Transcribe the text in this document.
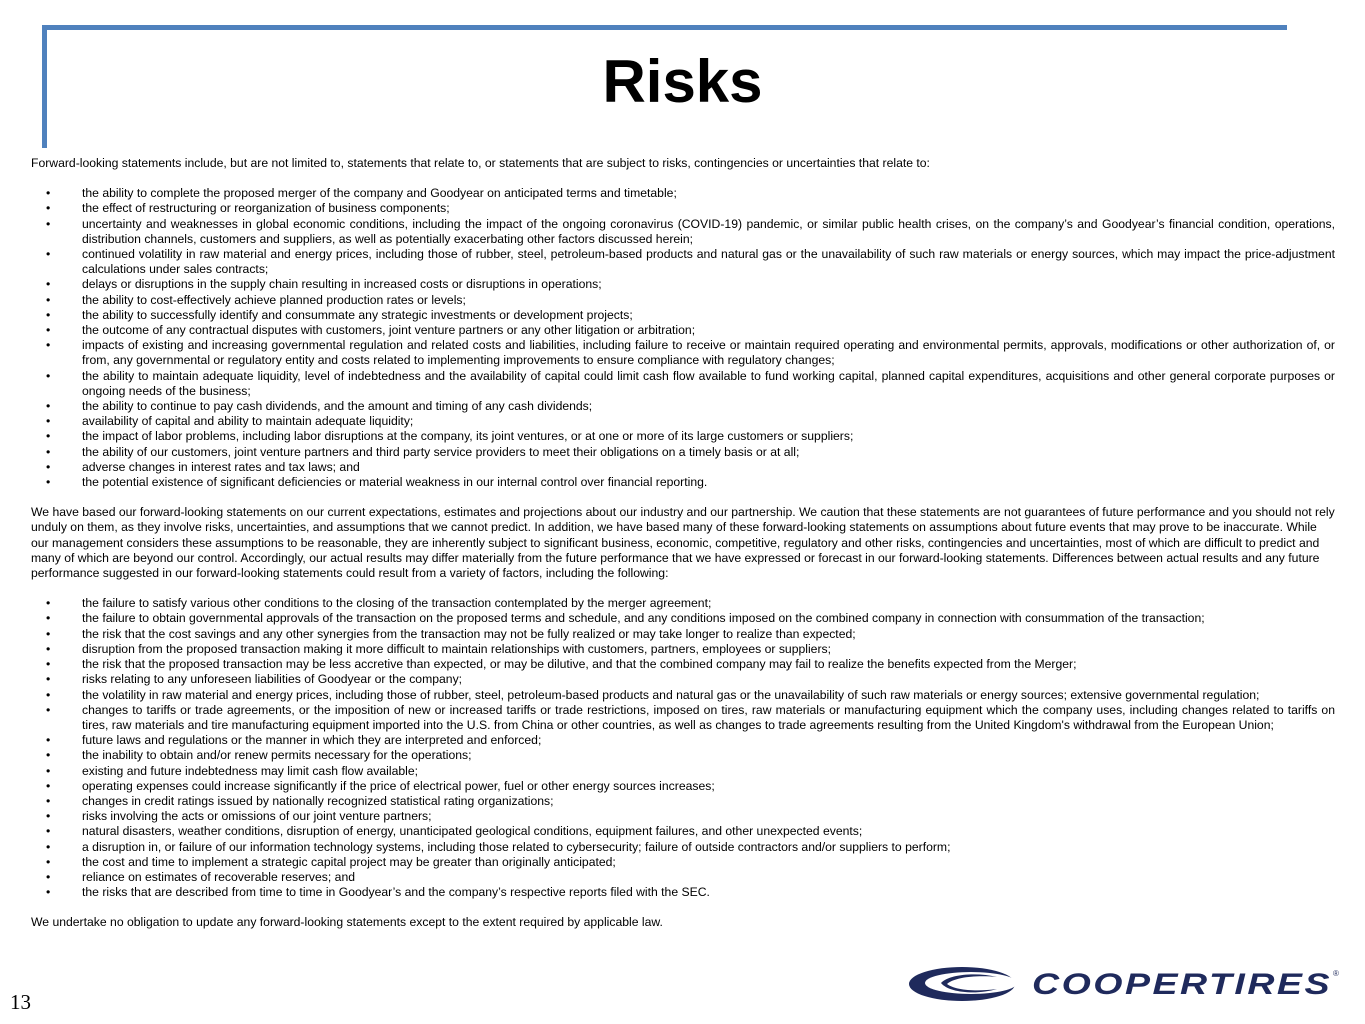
Risks

Forward-looking statements include, but are not limited to, statements that relate to, or statements that are subject to risks, contingencies or uncertainties that relate to:

•	the ability to complete the proposed merger of the company and Goodyear on anticipated terms and timetable;
•	the effect of restructuring or reorganization of business components;
•	uncertainty and weaknesses in global economic conditions, including the impact of the ongoing coronavirus (COVID-19) pandemic, or similar public health crises, on the company’s and Goodyear’s financial condition, operations, distribution channels, customers and suppliers, as well as potentially exacerbating other factors discussed herein;
•	continued volatility in raw material and energy prices, including those of rubber, steel, petroleum-based products and natural gas or the unavailability of such raw materials or energy sources, which may impact the price-adjustment calculations under sales contracts;
•	delays or disruptions in the supply chain resulting in increased costs or disruptions in operations;
•	the ability to cost-effectively achieve planned production rates or levels;
•	the ability to successfully identify and consummate any strategic investments or development projects;
•	the outcome of any contractual disputes with customers, joint venture partners or any other litigation or arbitration;
•	impacts of existing and increasing governmental regulation and related costs and liabilities, including failure to receive or maintain required operating and environmental permits, approvals, modifications or other authorization of, or from, any governmental or regulatory entity and costs related to implementing improvements to ensure compliance with regulatory changes;
•	the ability to maintain adequate liquidity, level of indebtedness and the availability of capital could limit cash flow available to fund working capital, planned capital expenditures, acquisitions and other general corporate purposes or ongoing needs of the business;
•	the ability to continue to pay cash dividends, and the amount and timing of any cash dividends;
•	availability of capital and ability to maintain adequate liquidity;
•	the impact of labor problems, including labor disruptions at the company, its joint ventures, or at one or more of its large customers or suppliers;
•	the ability of our customers, joint venture partners and third party service providers to meet their obligations on a timely basis or at all;
•	adverse changes in interest rates and tax laws; and
•	the potential existence of significant deficiencies or material weakness in our internal control over financial reporting.

We have based our forward-looking statements on our current expectations, estimates and projections about our industry and our partnership. We caution that these statements are not guarantees of future performance and you should not rely unduly on them, as they involve risks, uncertainties, and assumptions that we cannot predict. In addition, we have based many of these forward-looking statements on assumptions about future events that may prove to be inaccurate. While our management considers these assumptions to be reasonable, they are inherently subject to significant business, economic, competitive, regulatory and other risks, contingencies and uncertainties, most of which are difficult to predict and many of which are beyond our control. Accordingly, our actual results may differ materially from the future performance that we have expressed or forecast in our forward-looking statements. Differences between actual results and any future performance suggested in our forward-looking statements could result from a variety of factors, including the following:

•	the failure to satisfy various other conditions to the closing of the transaction contemplated by the merger agreement;
•	the failure to obtain governmental approvals of the transaction on the proposed terms and schedule, and any conditions imposed on the combined company in connection with consummation of the transaction;
•	the risk that the cost savings and any other synergies from the transaction may not be fully realized or may take longer to realize than expected;
•	disruption from the proposed transaction making it more difficult to maintain relationships with customers, partners, employees or suppliers;
•	the risk that the proposed transaction may be less accretive than expected, or may be dilutive, and that the combined company may fail to realize the benefits expected from the Merger;
•	risks relating to any unforeseen liabilities of Goodyear or the company;
•	the volatility in raw material and energy prices, including those of rubber, steel, petroleum-based products and natural gas or the unavailability of such raw materials or energy sources; extensive governmental regulation;
•	changes to tariffs or trade agreements, or the imposition of new or increased tariffs or trade restrictions, imposed on tires, raw materials or manufacturing equipment which the company uses, including changes related to tariffs on tires, raw materials and tire manufacturing equipment imported into the U.S. from China or other countries, as well as changes to trade agreements resulting from the United Kingdom's withdrawal from the European Union;
•	future laws and regulations or the manner in which they are interpreted and enforced;
•	the inability to obtain and/or renew permits necessary for the operations;
•	existing and future indebtedness may limit cash flow available;
•	operating expenses could increase significantly if the price of electrical power, fuel or other energy sources increases;
•	changes in credit ratings issued by nationally recognized statistical rating organizations;
•	risks involving the acts or omissions of our joint venture partners;
•	natural disasters, weather conditions, disruption of energy, unanticipated geological conditions, equipment failures, and other unexpected events;
•	a disruption in, or failure of our information technology systems, including those related to cybersecurity; failure of outside contractors and/or suppliers to perform;
•	the cost and time to implement a strategic capital project may be greater than originally anticipated;
•	reliance on estimates of recoverable reserves; and
•	the risks that are described from time to time in Goodyear’s and the company’s respective reports filed with the SEC.

We undertake no obligation to update any forward-looking statements except to the extent required by applicable law.

13
COOPERTIRES ®
